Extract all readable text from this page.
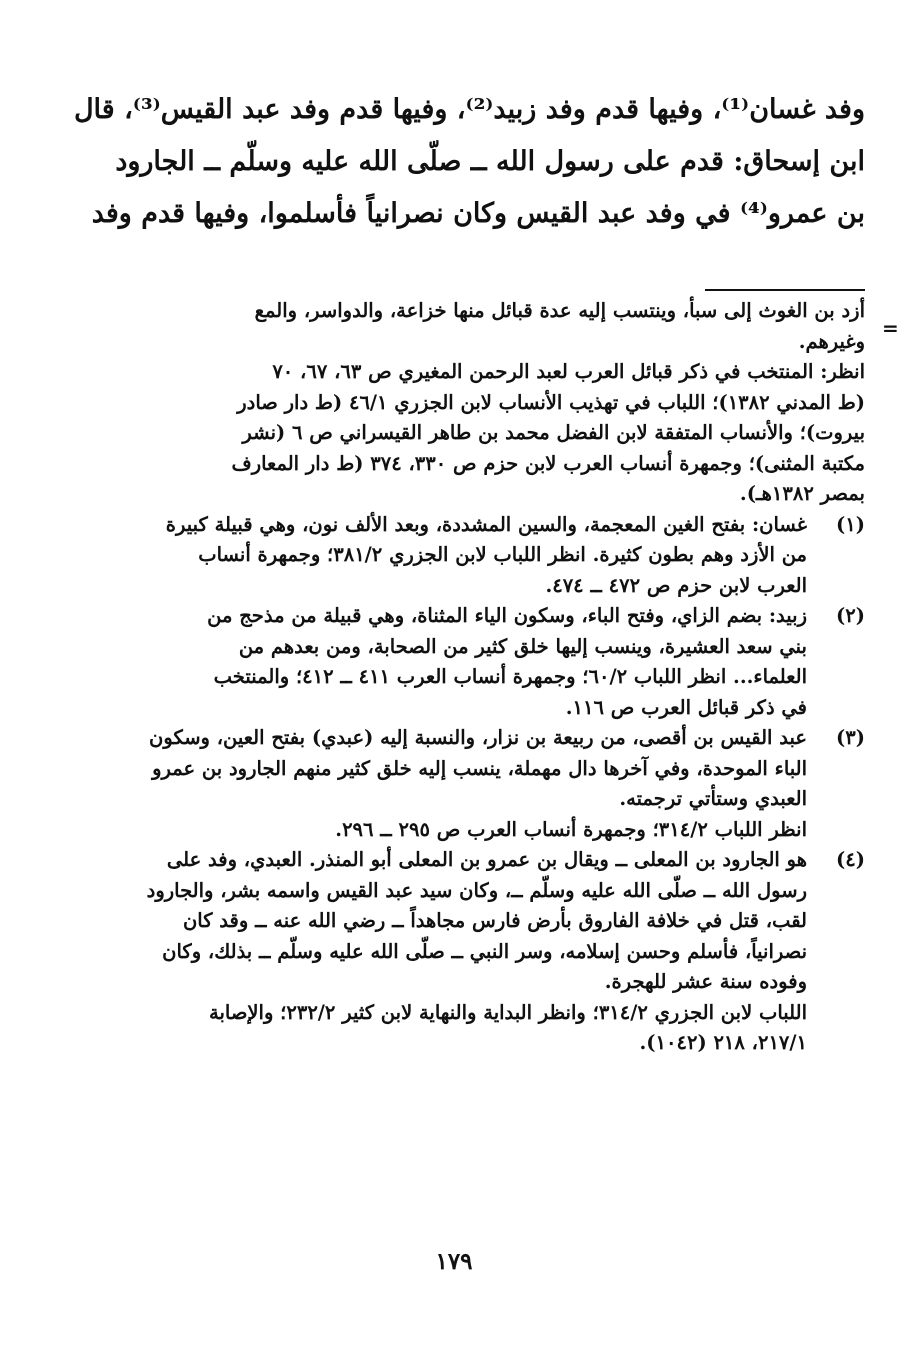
وفد غسان⁽¹⁾، وفيها قدم وفد زبيد⁽²⁾، وفيها قدم وفد عبد القيس⁽³⁾، قال
ابن إسحاق: قدم على رسول الله ــ صلّى الله عليه وسلّم ــ الجارود
بن عمرو⁽⁴⁾ في وفد عبد القيس وكان نصرانياً فأسلموا، وفيها قدم وفد
=
أزد بن الغوث إلى سبأ، وينتسب إليه عدة قبائل منها خزاعة، والدواسر، والمع
وغيرهم.
انظر: المنتخب في ذكر قبائل العرب لعبد الرحمن المغيري ص ٦٣، ٦٧، ٧٠
(ط المدني ١٣٨٢)؛ اللباب في تهذيب الأنساب لابن الجزري ٤٦/١ (ط دار صادر
بيروت)؛ والأنساب المتفقة لابن الفضل محمد بن طاهر القيسراني ص ٦ (نشر
مكتبة المثنى)؛ وجمهرة أنساب العرب لابن حزم ص ٣٣٠، ٣٧٤ (ط دار المعارف
بمصر ١٣٨٢هـ).
(١)
غسان: بفتح الغين المعجمة، والسين المشددة، وبعد الألف نون، وهي قبيلة كبيرة
من الأزد وهم بطون كثيرة. انظر اللباب لابن الجزري ٣٨١/٢؛ وجمهرة أنساب
العرب لابن حزم ص ٤٧٢ ــ ٤٧٤.
(٢)
زبيد: بضم الزاي، وفتح الباء، وسكون الياء المثناة، وهي قبيلة من مذحج من
بني سعد العشيرة، وينسب إليها خلق كثير من الصحابة، ومن بعدهم من
العلماء... انظر اللباب ٦٠/٢؛ وجمهرة أنساب العرب ٤١١ ــ ٤١٢؛ والمنتخب
في ذكر قبائل العرب ص ١١٦.
(٣)
عبد القيس بن أقصى، من ربيعة بن نزار، والنسبة إليه (عبدي) بفتح العين، وسكون
الباء الموحدة، وفي آخرها دال مهملة، ينسب إليه خلق كثير منهم الجارود بن عمرو
العبدي وستأتي ترجمته.
انظر اللباب ٣١٤/٢؛ وجمهرة أنساب العرب ص ٢٩٥ ــ ٢٩٦.
(٤)
هو الجارود بن المعلى ــ ويقال بن عمرو بن المعلى أبو المنذر. العبدي، وفد على
رسول الله ــ صلّى الله عليه وسلّم ــ، وكان سيد عبد القيس واسمه بشر، والجارود
لقب، قتل في خلافة الفاروق بأرض فارس مجاهداً ــ رضي الله عنه ــ وقد كان
نصرانياً، فأسلم وحسن إسلامه، وسر النبي ــ صلّى الله عليه وسلّم ــ بذلك، وكان
وفوده سنة عشر للهجرة.
اللباب لابن الجزري ٣١٤/٢؛ وانظر البداية والنهاية لابن كثير ٢٣٢/٢؛ والإصابة
٢١٧/١، ٢١٨ (١٠٤٢).
١٧٩
